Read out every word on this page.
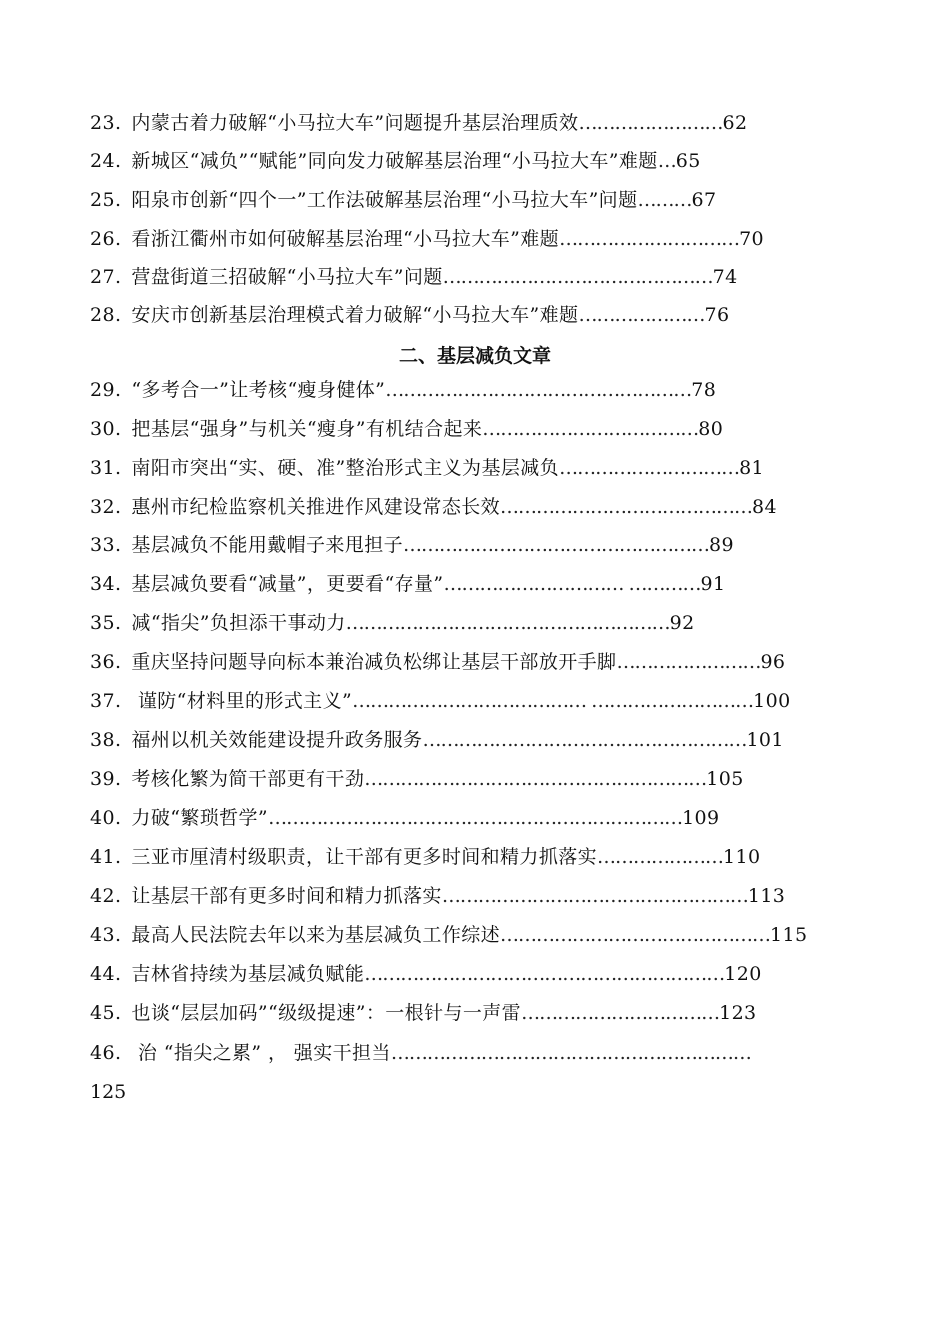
23. 内蒙古着力破解“小马拉大车”问题提升基层治理质效……………………62
24. 新城区“减负”“赋能”同向发力破解基层治理“小马拉大车”难题…65
25. 阳泉市创新“四个一”工作法破解基层治理“小马拉大车”问题………67
26. 看浙江衢州市如何破解基层治理“小马拉大车”难题…………………………70
27. 营盘街道三招破解“小马拉大车”问题………………………………………74
28. 安庆市创新基层治理模式着力破解“小马拉大车”难题…………………76
二、基层减负文章
29. “多考合一”让考核“瘦身健体”……………………………………………78
30. 把基层“强身”与机关“瘦身”有机结合起来………………………………80
31. 南阳市突出“实、硬、准”整治形式主义为基层减负…………………………81
32. 惠州市纪检监察机关推进作风建设常态长效……………………………………84
33. 基层减负不能用戴帽子来甩担子……………………………………………89
34. 基层减负要看“减量”，更要看“存量”………………………… …………91
35. 减“指尖”负担添干事动力………………………………………………92
36. 重庆坚持问题导向标本兼治减负松绑让基层干部放开手脚……………………96
37. 谨防“材料里的形式主义”………………………………… ………………………100
38. 福州以机关效能建设提升政务服务………………………………………………101
39. 考核化繁为简干部更有干劲…………………………………………………105
40. 力破“繁琐哲学”……………………………………………………………109
41. 三亚市厘清村级职责，让干部有更多时间和精力抓落实…………………110
42. 让基层干部有更多时间和精力抓落实……………………………………………113
43. 最高人民法院去年以来为基层减负工作综述………………………………………115
44. 吉林省持续为基层减负赋能……………………………………………………120
45. 也谈“层层加码”“级级提速”：一根针与一声雷……………………………123
46. 治 “指尖之累” ， 强实干担当……………………………………………………
125
